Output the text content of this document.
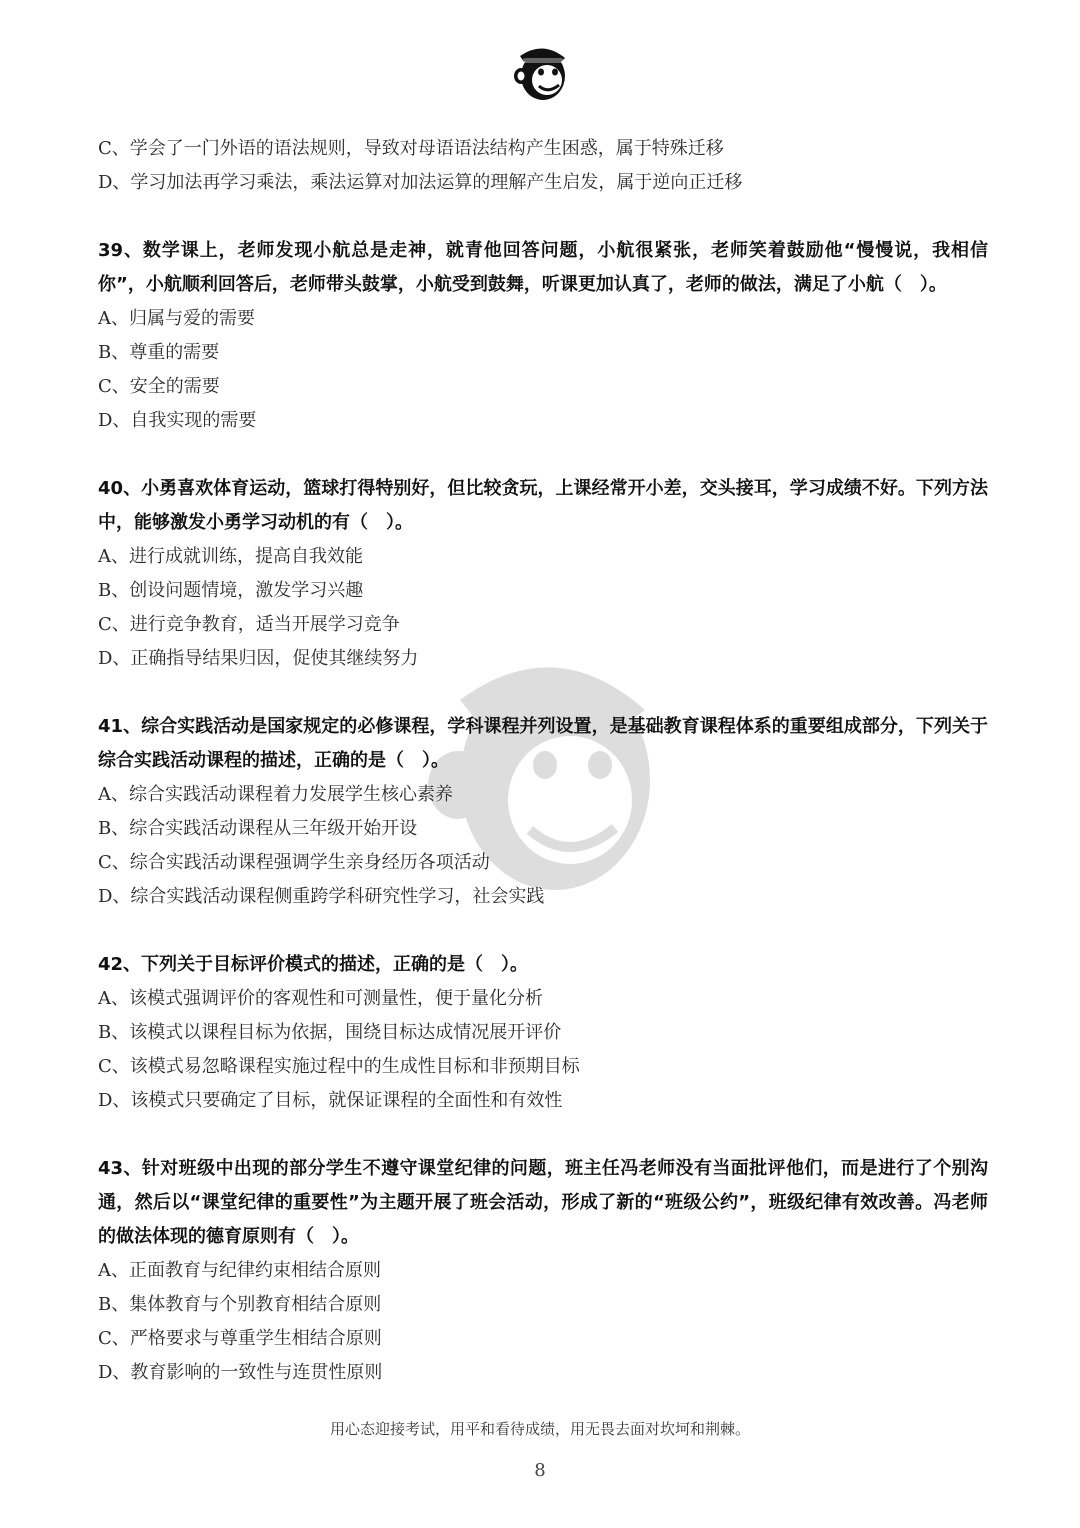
C、学会了一门外语的语法规则，导致对母语语法结构产生困惑，属于特殊迁移
D、学习加法再学习乘法，乘法运算对加法运算的理解产生启发，属于逆向正迁移
39、数学课上，老师发现小航总是走神，就青他回答问题，小航很紧张，老师笑着鼓励他“慢慢说，我相信你”，小航顺利回答后，老师带头鼓掌，小航受到鼓舞，听课更加认真了，老师的做法，满足了小航（　）。
A、归属与爱的需要
B、尊重的需要
C、安全的需要
D、自我实现的需要
40、小勇喜欢体育运动，篮球打得特别好，但比较贪玩，上课经常开小差，交头接耳，学习成绩不好。下列方法中，能够激发小勇学习动机的有（　）。
A、进行成就训练，提高自我效能
B、创设问题情境，激发学习兴趣
C、进行竞争教育，适当开展学习竞争
D、正确指导结果归因，促使其继续努力
41、综合实践活动是国家规定的必修课程，学科课程并列设置，是基础教育课程体系的重要组成部分，下列关于综合实践活动课程的描述，正确的是（　）。
A、综合实践活动课程着力发展学生核心素养
B、综合实践活动课程从三年级开始开设
C、综合实践活动课程强调学生亲身经历各项活动
D、综合实践活动课程侧重跨学科研究性学习，社会实践
42、下列关于目标评价模式的描述，正确的是（　）。
A、该模式强调评价的客观性和可测量性，便于量化分析
B、该模式以课程目标为依据，围绕目标达成情况展开评价
C、该模式易忽略课程实施过程中的生成性目标和非预期目标
D、该模式只要确定了目标，就保证课程的全面性和有效性
43、针对班级中出现的部分学生不遵守课堂纪律的问题，班主任冯老师没有当面批评他们，而是进行了个别沟通，然后以“课堂纪律的重要性”为主题开展了班会活动，形成了新的“班级公约”，班级纪律有效改善。冯老师的做法体现的德育原则有（　）。
A、正面教育与纪律约束相结合原则
B、集体教育与个别教育相结合原则
C、严格要求与尊重学生相结合原则
D、教育影响的一致性与连贯性原则
用心态迎接考试，用平和看待成绩，用无畏去面对坎坷和荆棘。
8
